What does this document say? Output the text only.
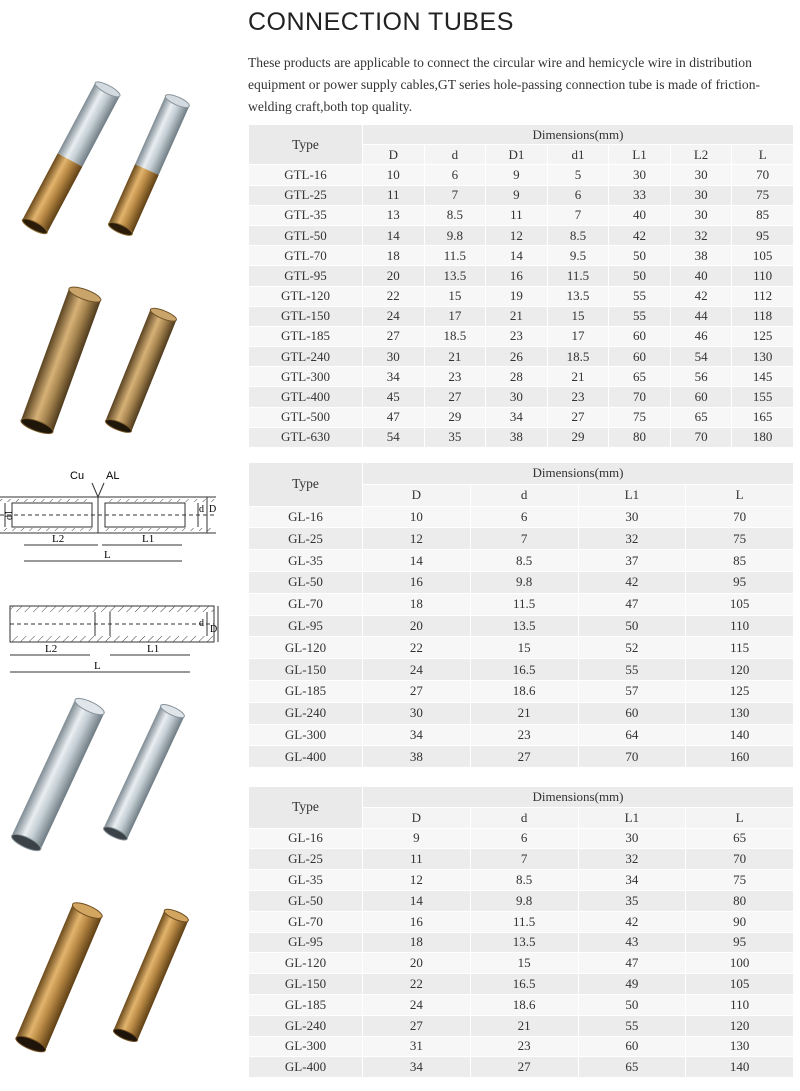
Cu AL
d1	d D
L2	L1
L
d
D
L2	L1
L
CONNECTION TUBES

These products are applicable to connect the circular wire and hemicycle wire in distribution equipment or power supply cables,GT series hole-passing connection tube is made of friction-welding craft,both top quality.

Type	Dimensions(mm)						
	D	d	D1	d1	L1	L2	L
GTL-16	10	6	9	5	30	30	70
GTL-25	11	7	9	6	33	30	75
GTL-35	13	8.5	11	7	40	30	85
GTL-50	14	9.8	12	8.5	42	32	95
GTL-70	18	11.5	14	9.5	50	38	105
GTL-95	20	13.5	16	11.5	50	40	110
GTL-120	22	15	19	13.5	55	42	112
GTL-150	24	17	21	15	55	44	118
GTL-185	27	18.5	23	17	60	46	125
GTL-240	30	21	26	18.5	60	54	130
GTL-300	34	23	28	21	65	56	145
GTL-400	45	27	30	23	70	60	155
GTL-500	47	29	34	27	75	65	165
GTL-630	54	35	38	29	80	70	180
Type	Dimensions(mm)			
	D	d	L1	L
GL-16	10	6	30	70
GL-25	12	7	32	75
GL-35	14	8.5	37	85
GL-50	16	9.8	42	95
GL-70	18	11.5	47	105
GL-95	20	13.5	50	110
GL-120	22	15	52	115
GL-150	24	16.5	55	120
GL-185	27	18.6	57	125
GL-240	30	21	60	130
GL-300	34	23	64	140
GL-400	38	27	70	160
Type	Dimensions(mm)			
	D	d	L1	L
GL-16	9	6	30	65
GL-25	11	7	32	70
GL-35	12	8.5	34	75
GL-50	14	9.8	35	80
GL-70	16	11.5	42	90
GL-95	18	13.5	43	95
GL-120	20	15	47	100
GL-150	22	16.5	49	105
GL-185	24	18.6	50	110
GL-240	27	21	55	120
GL-300	31	23	60	130
GL-400	34	27	65	140
